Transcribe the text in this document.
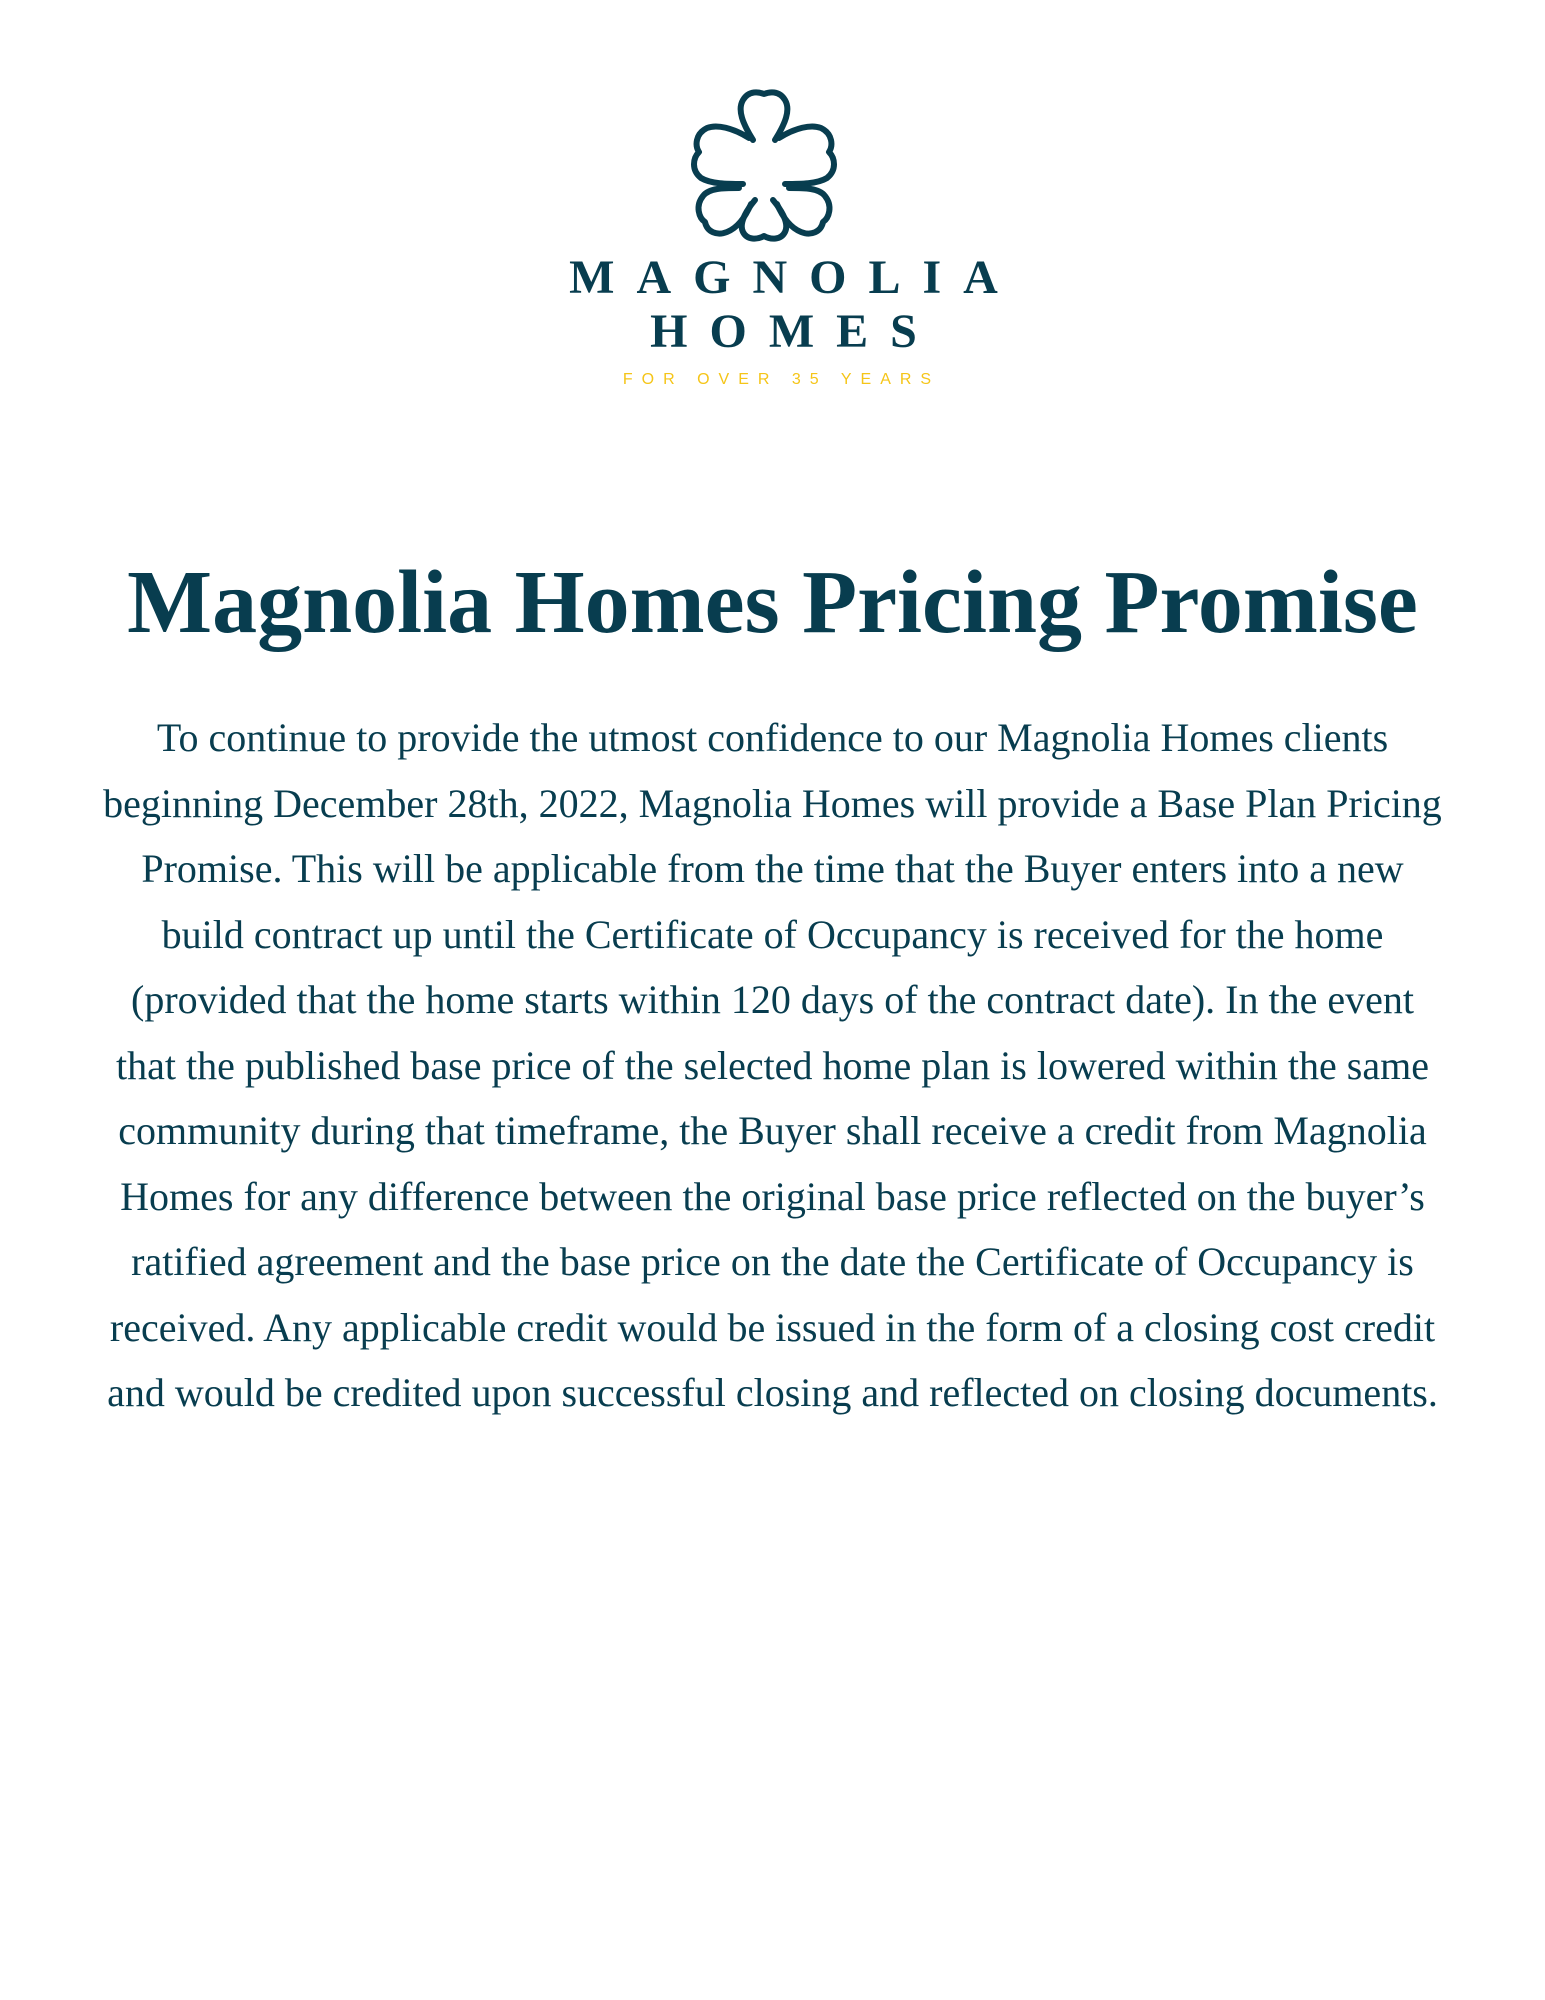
MAGNOLIA
HOMES
FOR OVER 35 YEARS
Magnolia Homes Pricing Promise

To continue to provide the utmost confidence to our Magnolia Homes clients beginning December 28th, 2022, Magnolia Homes will provide a Base Plan Pricing Promise. This will be applicable from the time that the Buyer enters into a new build contract up until the Certificate of Occupancy is received for the home (provided that the home starts within 120 days of the contract date). In the event that the published base price of the selected home plan is lowered within the same community during that timeframe, the Buyer shall receive a credit from Magnolia Homes for any difference between the original base price reflected on the buyer’s ratified agreement and the base price on the date the Certificate of Occupancy is received. Any applicable credit would be issued in the form of a closing cost credit and would be credited upon successful closing and reflected on closing documents.
